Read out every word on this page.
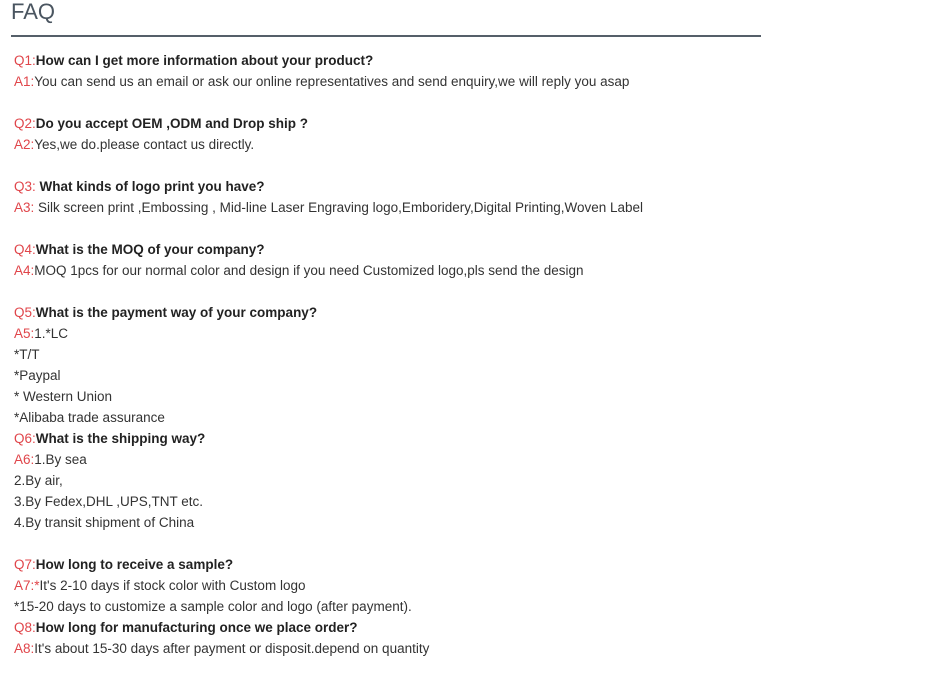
FAQ
Q1:How can I get more information about your product?
A1:You can send us an email or ask our online representatives and send enquiry,we will reply you asap
Q2:Do you accept OEM ,ODM and Drop ship ?
A2:Yes,we do.please contact us directly.
Q3: What kinds of logo print you have?
A3: Silk screen print ,Embossing , Mid-line Laser Engraving logo,Emboridery,Digital Printing,Woven Label
Q4:What is the MOQ of your company?
A4:MOQ 1pcs for our normal color and design if you need Customized logo,pls send the design
Q5:What is the payment way of your company?
A5:1.*LC
*T/T
*Paypal
* Western Union
*Alibaba trade assurance
Q6:What is the shipping way?
A6:1.By sea
2.By air,
3.By Fedex,DHL ,UPS,TNT etc.
4.By transit shipment of China
Q7:How long to receive a sample?
A7:*It's 2-10 days if stock color with Custom logo
*15-20 days to customize a sample color and logo (after payment).
Q8:How long for manufacturing once we place order?
A8:It's about 15-30 days after payment or disposit.depend on quantity
